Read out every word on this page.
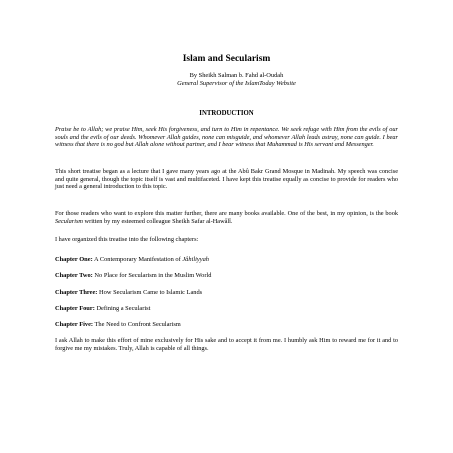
Islam and Secularism

By Sheikh Salman b. Fahd al-Oudah
General Supervisor of the IslamToday Website

INTRODUCTION

Praise be to Allah; we praise Him, seek His forgiveness, and turn to Him in repentance. We seek refuge with Him from the evils of our souls and the evils of our deeds. Whomever Allah guides, none can misguide, and whomever Allah leads astray, none can guide. I bear witness that there is no god but Allah alone without partner, and I bear witness that Muhammad is His servant and Messenger.

This short treatise began as a lecture that I gave many years ago at the Abû Bakr Grand Mosque in Madinah. My speech was concise and quite general, though the topic itself is vast and multifaceted. I have kept this treatise equally as concise to provide for readers who just need a general introduction to this topic.

For those readers who want to explore this matter further, there are many books available. One of the best, in my opinion, is the book Secularism written by my esteemed colleague Sheikh Safar al-Hawâlî.

I have organized this treatise into the following chapters:

Chapter One: A Contemporary Manifestation of Jâhiliyyah

Chapter Two: No Place for Secularism in the Muslim World

Chapter Three: How Secularism Came to Islamic Lands

Chapter Four: Defining a Secularist

Chapter Five: The Need to Confront Secularism

I ask Allah to make this effort of mine exclusively for His sake and to accept it from me. I humbly ask Him to reward me for it and to forgive me my mistakes. Truly, Allah is capable of all things.
